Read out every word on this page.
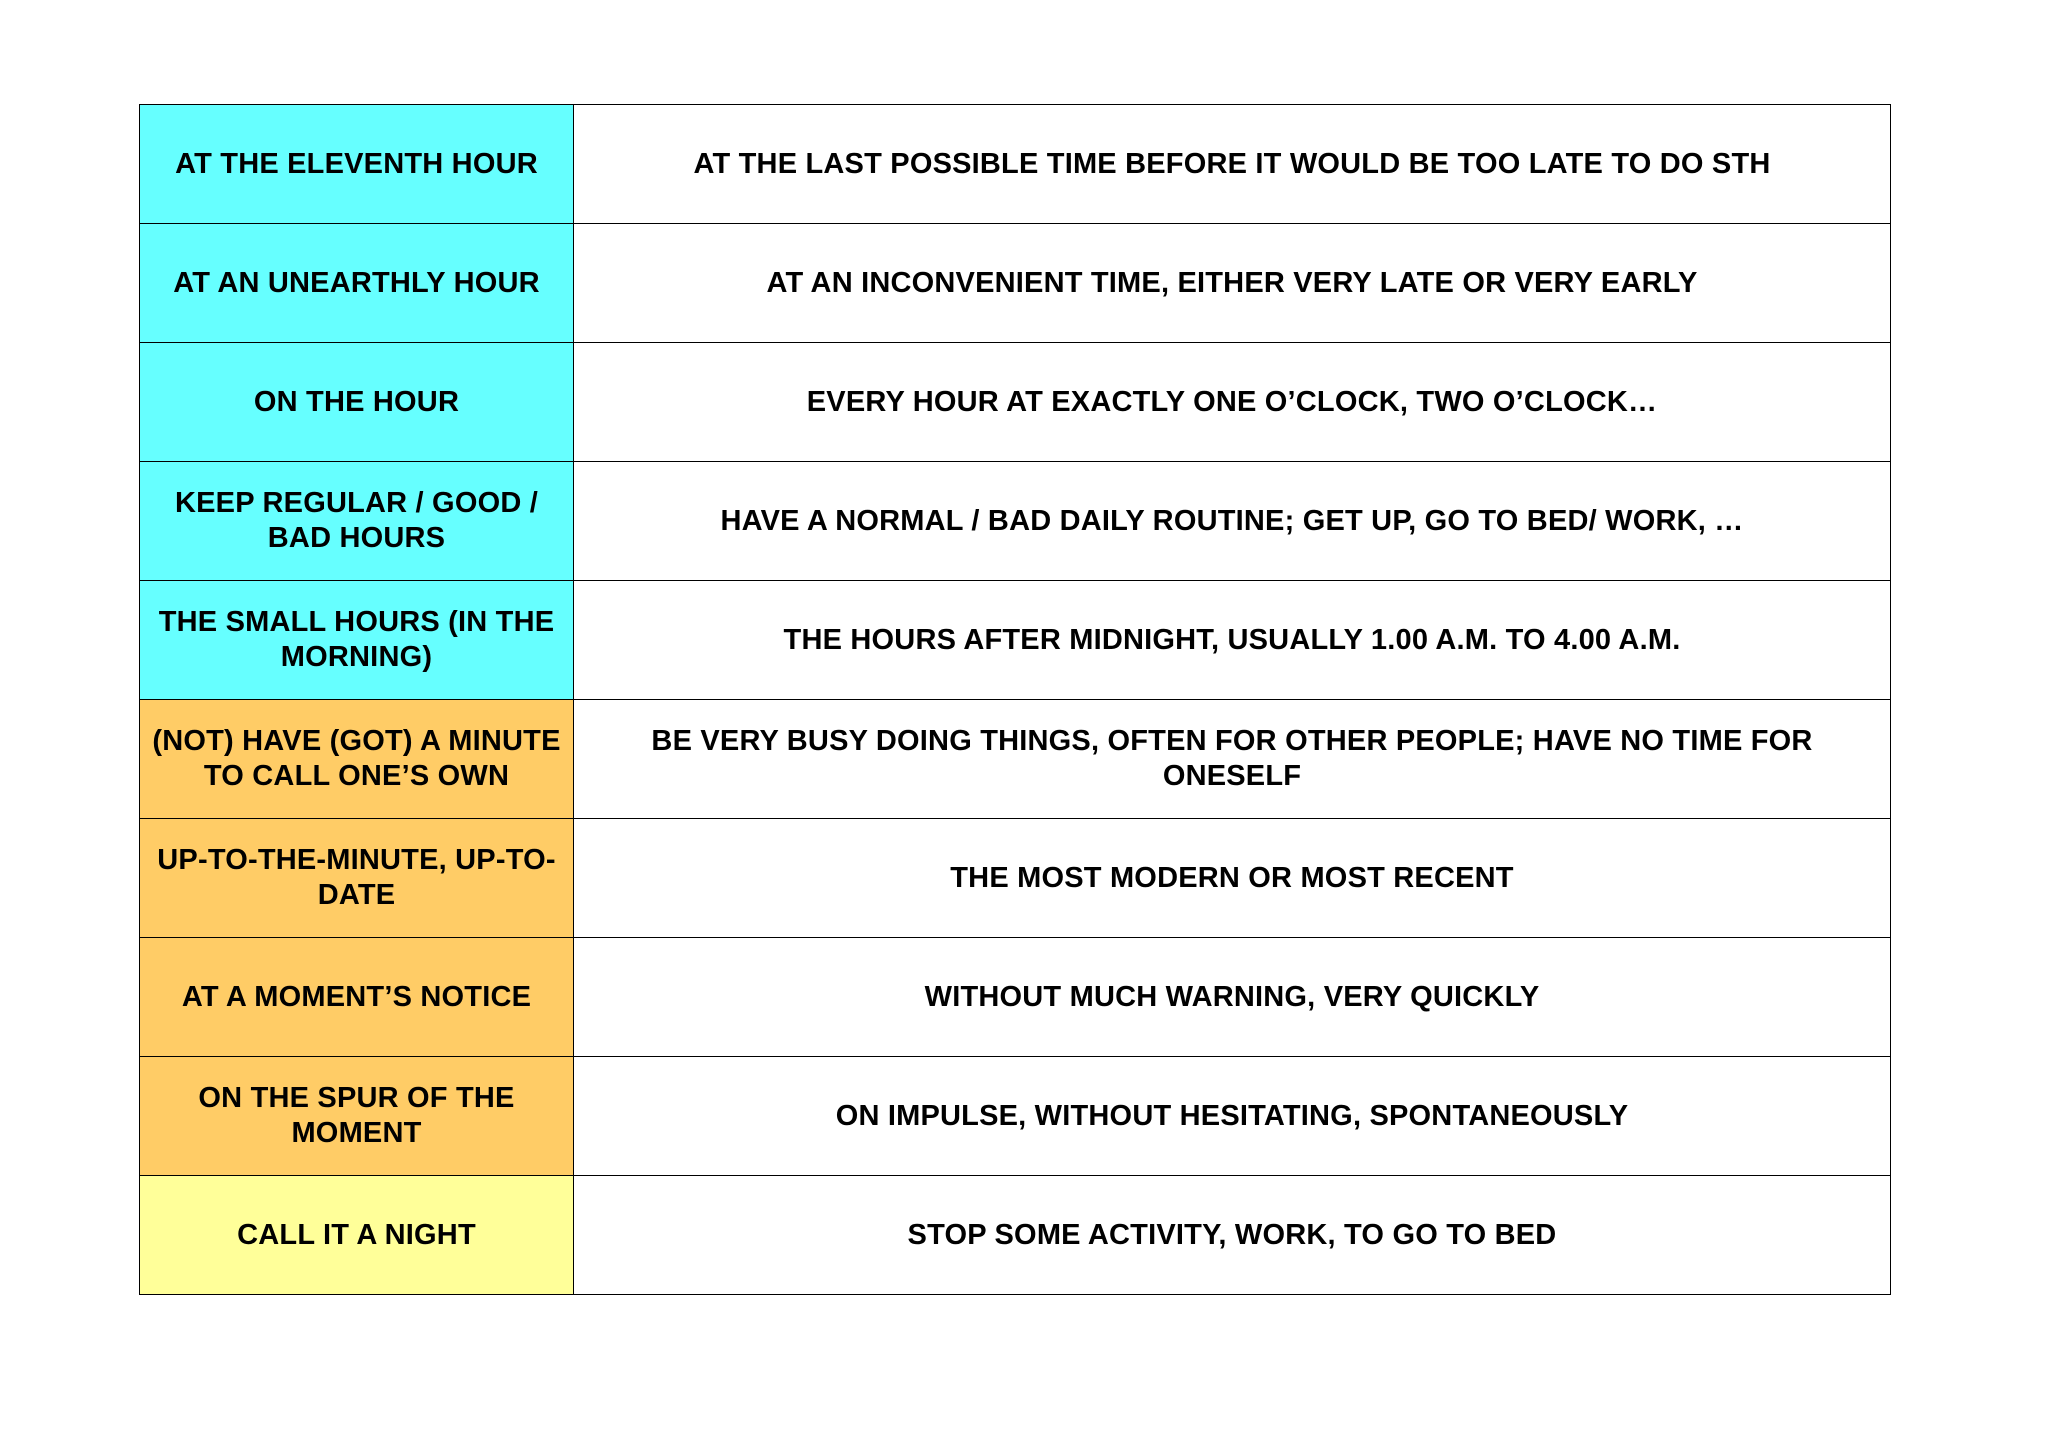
AT THE ELEVENTH HOUR	AT THE LAST POSSIBLE TIME BEFORE IT WOULD BE TOO LATE TO DO STH
AT AN UNEARTHLY HOUR	AT AN INCONVENIENT TIME, EITHER VERY LATE OR VERY EARLY
ON THE HOUR	EVERY HOUR AT EXACTLY ONE O’CLOCK, TWO O’CLOCK…
KEEP REGULAR / GOOD / BAD HOURS	HAVE A NORMAL / BAD DAILY ROUTINE; GET UP, GO TO BED/ WORK, …
THE SMALL HOURS (IN THE MORNING)	THE HOURS AFTER MIDNIGHT, USUALLY 1.00 A.M. TO 4.00 A.M.
(NOT) HAVE (GOT) A MINUTE TO CALL ONE’S OWN	BE VERY BUSY DOING THINGS, OFTEN FOR OTHER PEOPLE; HAVE NO TIME FOR ONESELF
UP-TO-THE-MINUTE, UP-TO-DATE	THE MOST MODERN OR MOST RECENT
AT A MOMENT’S NOTICE	WITHOUT MUCH WARNING, VERY QUICKLY
ON THE SPUR OF THE MOMENT	ON IMPULSE, WITHOUT HESITATING, SPONTANEOUSLY
CALL IT A NIGHT	STOP SOME ACTIVITY, WORK, TO GO TO BED
